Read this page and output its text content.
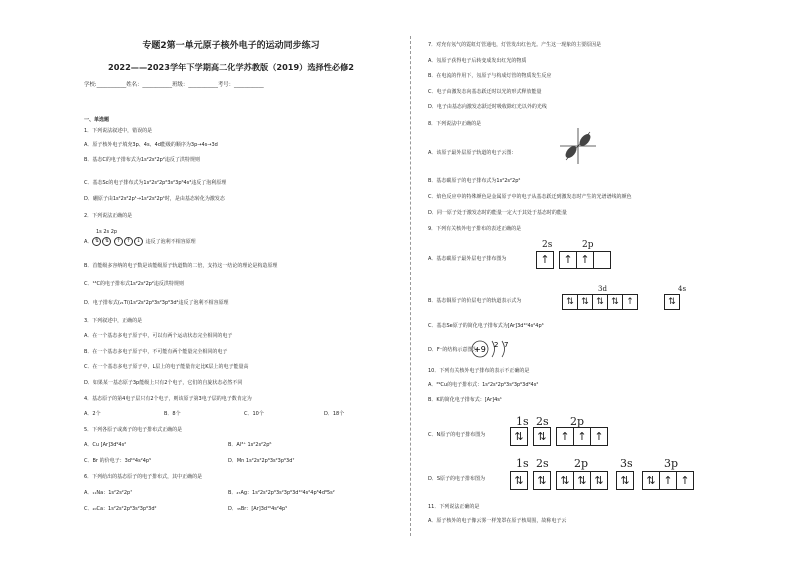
专题2第一单元原子核外电子的运动同步练习
2022——2023学年下学期高二化学苏教版（2019）选择性必修2
学校:___________姓名：___________班级：___________考号：___________
一、单选题
1．下列说法叙述中，错误的是
A．原子核外电子填充3p、4s、4d能级的顺序为3p→4s→3d
B．基态C的电子排布式为1s²2s²2p²违反了洪特规则
C．基态Sc的电子排布式为1s²2s²2p⁶3s²3p⁶4s³违反了泡利原理
D．硼原子由1s²2s²2p¹→1s²2s²2p¹时，是由基态转化为激发态
2．下列说法正确的是
1s 2s 2p
A． ⇅ ⇅ ↑ ↑ ↓ 违反了泡利不相容原理
B．首能级多容纳的电子数是该能级原子轨道数的二倍，支持这一结论的理论是构造原理
C．¹⁴C的电子排布式1s²2s²2p²违反洪特规则
D．电子排布式(₂₁Ti)1s²2s²2p⁶3s²3p⁶3d⁴违反了泡利不相容原理
3．下列叙述中，正确的是
A．在一个基态多电子原子中，可以有两个运动状态完全相同的电子
B．在一个基态多电子原子中，不可能有两个能量完全相同的电子
C．在一个基态多电子原子中，L层上的电子能量肯定比K层上的电子能量高
D．如果某一基态原子3p能级上只有2个电子，它们的自旋状态必然不同
4．基态原子的第4电子层只有2个电子，则该原子第3电子层的电子数肯定为
A．2个	B．8个	C．10个	D．18个
5．下列各原子或离子的电子排布式正确的是
A．Cu [Ar]3d⁹4s²	B．Al³⁺ 1s²2s²2p⁶
C．Br 的价电子：3d¹⁰4s²4p⁵	D．Mn 1s²2s²2p⁶3s²3p⁶3d⁷
6．下列给出的基态原子的电子排布式，其中正确的是
A．₁₁Na：1s²2s²2p⁷	B．₄₇Ag：1s²2s²2p⁶3s²3p⁶3d¹⁰4s²4p⁶4d⁹5s²
C．₂₀Ca：1s²2s²2p⁶3s²3p⁶3d²	D．₃₅Br：[Ar]3d¹⁰4s²4p⁵
7．对充有氖气的霓虹灯管通电，灯管发出红色光。产生这一现象的主要原因是
A．氖原子获得电子后转变成发出红光的物质
B．在电流的作用下，氖原子与构成灯管的物质发生反应
C．电子由激发态向基态跃迁时以光的形式释放能量
D．电子由基态向激发态跃迁时吸收除红光以外的光线
8．下列说法中正确的是
A．该原子最外层原子轨道的电子云图：
B．基态碳原子的电子排布式为1s²2s²2p²
C．焰色反应中的特殊颜色是金属原子中的电子从基态跃迁到激发态时产生的光谱谱线的颜色
D．同一原子处于激发态时的能量一定大于其处于基态时的能量
9．下列有关核外电子排布的表述正确的是
2s	2p
A．基态碳原子最外层电子排布图为	↑	↑ ↑
3d	4s
B．基态铜原子的价层电子的轨道表示式为	⇅ ⇅ ⇅ ⇅ ↑	⇅
C．基态Se原子的简化电子排布式为[Ar]3d¹⁰4s²4p⁴
D．F⁻的结构示意图为
+9 2 7
10．下列有关核外电子排布的表示不正确的是
A．²⁹Cu的电子排布式：1s²2s²2p⁶3s²3p⁶3d⁹4s²
B．K的简化电子排布式：[Ar]4s¹
1s 2s 2p
C．N原子的电子排布图为	⇅	⇅	↑ ↑ ↑
1s 2s 2p	3s	3p
D．S原子的电子排布图为	⇅	⇅	⇅ ⇅ ⇅	⇅	⇅ ↑ ↑
11．下列说法正确的是
A．原子核外的电子像云雾一样笼罩在原子核周围，故称电子云
